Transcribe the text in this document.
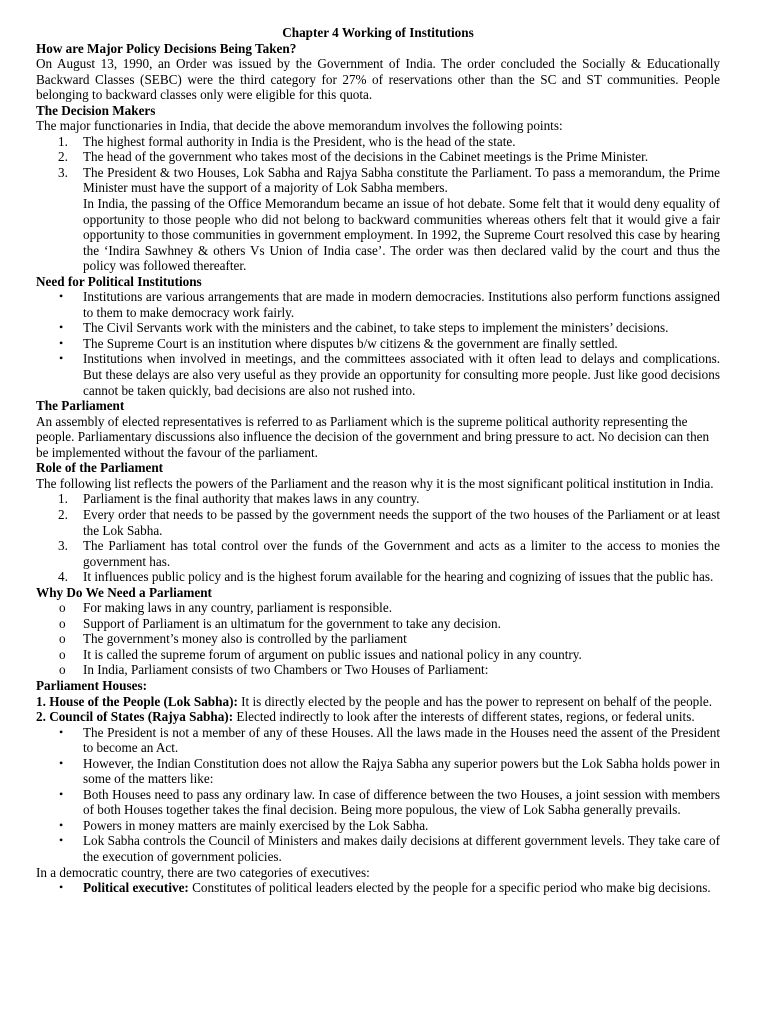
Chapter 4 Working of Institutions
How are Major Policy Decisions Being Taken?

On August 13, 1990, an Order was issued by the Government of India. The order concluded the Socially & Educationally Backward Classes (SEBC) were the third category for 27% of reservations other than the SC and ST communities. People belonging to backward classes only were eligible for this quota.

The Decision Makers

The major functionaries in India, that decide the above memorandum involves the following points:

1.	The highest formal authority in India is the President, who is the head of the state.
2.	The head of the government who takes most of the decisions in the Cabinet meetings is the Prime Minister.
3.	The President & two Houses, Lok Sabha and Rajya Sabha constitute the Parliament. To pass a memorandum, the Prime Minister must have the support of a majority of Lok Sabha members.
In India, the passing of the Office Memorandum became an issue of hot debate. Some felt that it would deny equality of opportunity to those people who did not belong to backward communities whereas others felt that it would give a fair opportunity to those communities in government employment. In 1992, the Supreme Court resolved this case by hearing the ‘Indira Sawhney & others Vs Union of India case’. The order was then declared valid by the court and thus the policy was followed thereafter.
Need for Political Institutions
•	Institutions are various arrangements that are made in modern democracies. Institutions also perform functions assigned to them to make democracy work fairly.
•	The Civil Servants work with the ministers and the cabinet, to take steps to implement the ministers’ decisions.
•	The Supreme Court is an institution where disputes b/w citizens & the government are finally settled.
•	Institutions when involved in meetings, and the committees associated with it often lead to delays and complications. But these delays are also very useful as they provide an opportunity for consulting more people. Just like good decisions cannot be taken quickly, bad decisions are also not rushed into.
The Parliament

An assembly of elected representatives is referred to as Parliament which is the supreme political authority representing the people. Parliamentary discussions also influence the decision of the government and bring pressure to act. No decision can then be implemented without the favour of the parliament.

Role of the Parliament

The following list reflects the powers of the Parliament and the reason why it is the most significant political institution in India.

1.	Parliament is the final authority that makes laws in any country.
2.	Every order that needs to be passed by the government needs the support of the two houses of the Parliament or at least the Lok Sabha.
3.	The Parliament has total control over the funds of the Government and acts as a limiter to the access to monies the government has.
4.	It influences public policy and is the highest forum available for the hearing and cognizing of issues that the public has.
Why Do We Need a Parliament
o	For making laws in any country, parliament is responsible.
o	Support of Parliament is an ultimatum for the government to take any decision.
o	The government’s money also is controlled by the parliament
o	It is called the supreme forum of argument on public issues and national policy in any country.
o	In India, Parliament consists of two Chambers or Two Houses of Parliament:
Parliament Houses:

1. House of the People (Lok Sabha): It is directly elected by the people and has the power to represent on behalf of the people.

2. Council of States (Rajya Sabha): Elected indirectly to look after the interests of different states, regions, or federal units.

•	The President is not a member of any of these Houses. All the laws made in the Houses need the assent of the President to become an Act.
•	However, the Indian Constitution does not allow the Rajya Sabha any superior powers but the Lok Sabha holds power in some of the matters like:
•	Both Houses need to pass any ordinary law. In case of difference between the two Houses, a joint session with members of both Houses together takes the final decision. Being more populous, the view of Lok Sabha generally prevails.
•	Powers in money matters are mainly exercised by the Lok Sabha.
•	Lok Sabha controls the Council of Ministers and makes daily decisions at different government levels. They take care of the execution of government policies.

In a democratic country, there are two categories of executives:

•	Political executive: Constitutes of political leaders elected by the people for a specific period who make big decisions.
